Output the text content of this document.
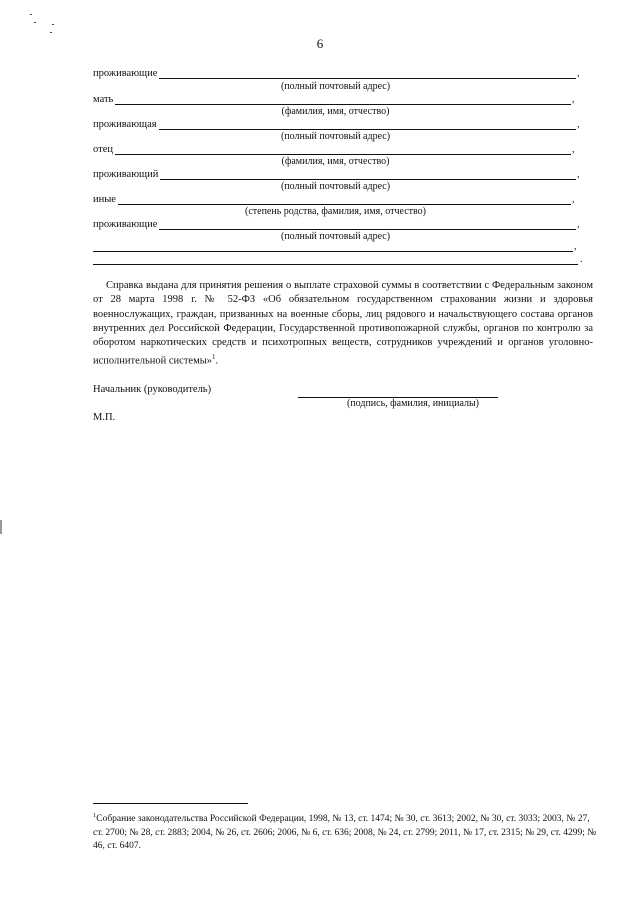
6
проживающие	,
(полный почтовый адрес)
мать	,
(фамилия, имя, отчество)
проживающая	,
(полный почтовый адрес)
отец	,
(фамилия, имя, отчество)
проживающий	,
(полный почтовый адрес)
иные	,
(степень родства, фамилия, имя, отчество)
проживающие	,
(полный почтовый адрес)
,
.

Справка выдана для принятия решения о выплате страховой суммы в соответствии с Федеральным законом от 28 марта 1998 г. № 52-ФЗ «Об обязательном государственном страховании жизни и здоровья военнослужащих, граждан, призванных на военные сборы, лиц рядового и начальствующего состава органов внутренних дел Российской Федерации, Государственной противопожарной службы, органов по контролю за оборотом наркотических средств и психотропных веществ, сотрудников учреждений и органов уголовно-исполнительной системы»$^1$.

Начальник (руководитель)
(подпись, фамилия, инициалы)
М.П.

$^1$Собрание законодательства Российской Федерации, 1998, № 13, ст. 1474; № 30, ст. 3613; 2002, № 30, ст. 3033; 2003, № 27, ст. 2700; № 28, ст. 2883; 2004, № 26, ст. 2606; 2006, № 6, ст. 636; 2008, № 24, ст. 2799; 2011, № 17, ст. 2315; № 29, ст. 4299; № 46, ст. 6407.
